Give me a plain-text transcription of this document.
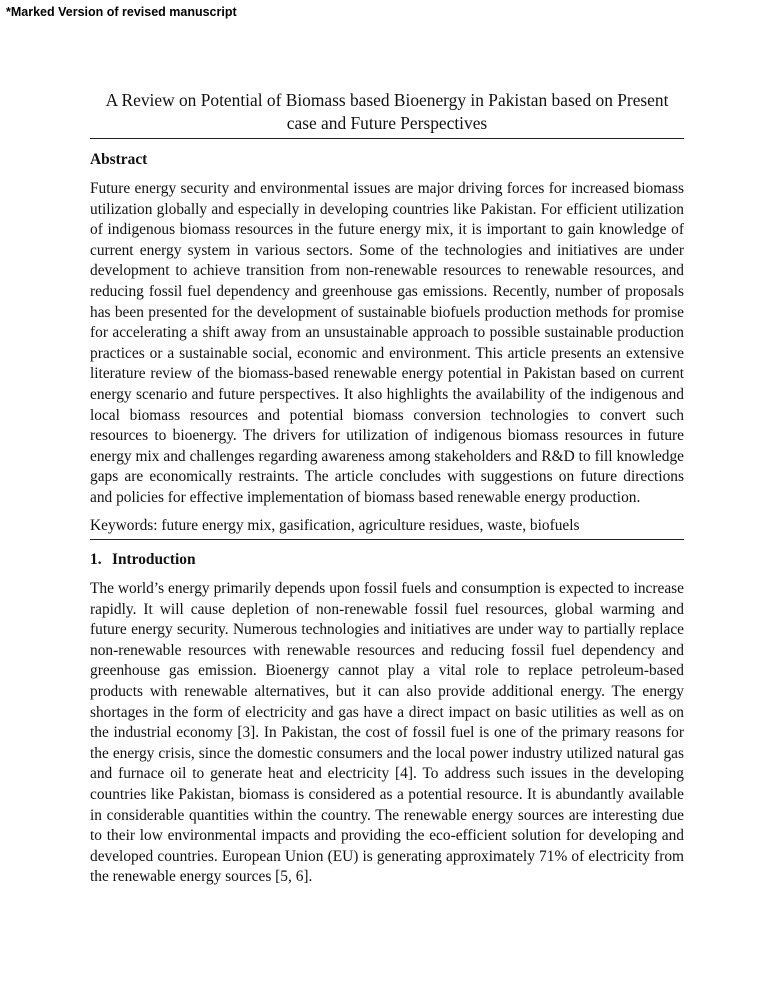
*Marked Version of revised manuscript
A Review on Potential of Biomass based Bioenergy in Pakistan based on Present case and Future Perspectives
Abstract

Future energy security and environmental issues are major driving forces for increased biomass utilization globally and especially in developing countries like Pakistan. For efficient utilization of indigenous biomass resources in the future energy mix, it is important to gain knowledge of current energy system in various sectors. Some of the technologies and initiatives are under development to achieve transition from non-renewable resources to renewable resources, and reducing fossil fuel dependency and greenhouse gas emissions. Recently, number of proposals has been presented for the development of sustainable biofuels production methods for promise for accelerating a shift away from an unsustainable approach to possible sustainable production practices or a sustainable social, economic and environment. This article presents an extensive literature review of the biomass-based renewable energy potential in Pakistan based on current energy scenario and future perspectives. It also highlights the availability of the indigenous and local biomass resources and potential biomass conversion technologies to convert such resources to bioenergy. The drivers for utilization of indigenous biomass resources in future energy mix and challenges regarding awareness among stakeholders and R&D to fill knowledge gaps are economically restraints. The article concludes with suggestions on future directions and policies for effective implementation of biomass based renewable energy production.

Keywords: future energy mix, gasification, agriculture residues, waste, biofuels

1. Introduction

The world’s energy primarily depends upon fossil fuels and consumption is expected to increase rapidly. It will cause depletion of non-renewable fossil fuel resources, global warming and future energy security. Numerous technologies and initiatives are under way to partially replace non-renewable resources with renewable resources and reducing fossil fuel dependency and greenhouse gas emission. Bioenergy cannot play a vital role to replace petroleum-based products with renewable alternatives, but it can also provide additional energy. The energy shortages in the form of electricity and gas have a direct impact on basic utilities as well as on the industrial economy [3]. In Pakistan, the cost of fossil fuel is one of the primary reasons for the energy crisis, since the domestic consumers and the local power industry utilized natural gas and furnace oil to generate heat and electricity [4]. To address such issues in the developing countries like Pakistan, biomass is considered as a potential resource. It is abundantly available in considerable quantities within the country. The renewable energy sources are interesting due to their low environmental impacts and providing the eco-efficient solution for developing and developed countries. European Union (EU) is generating approximately 71% of electricity from the renewable energy sources [5, 6].
